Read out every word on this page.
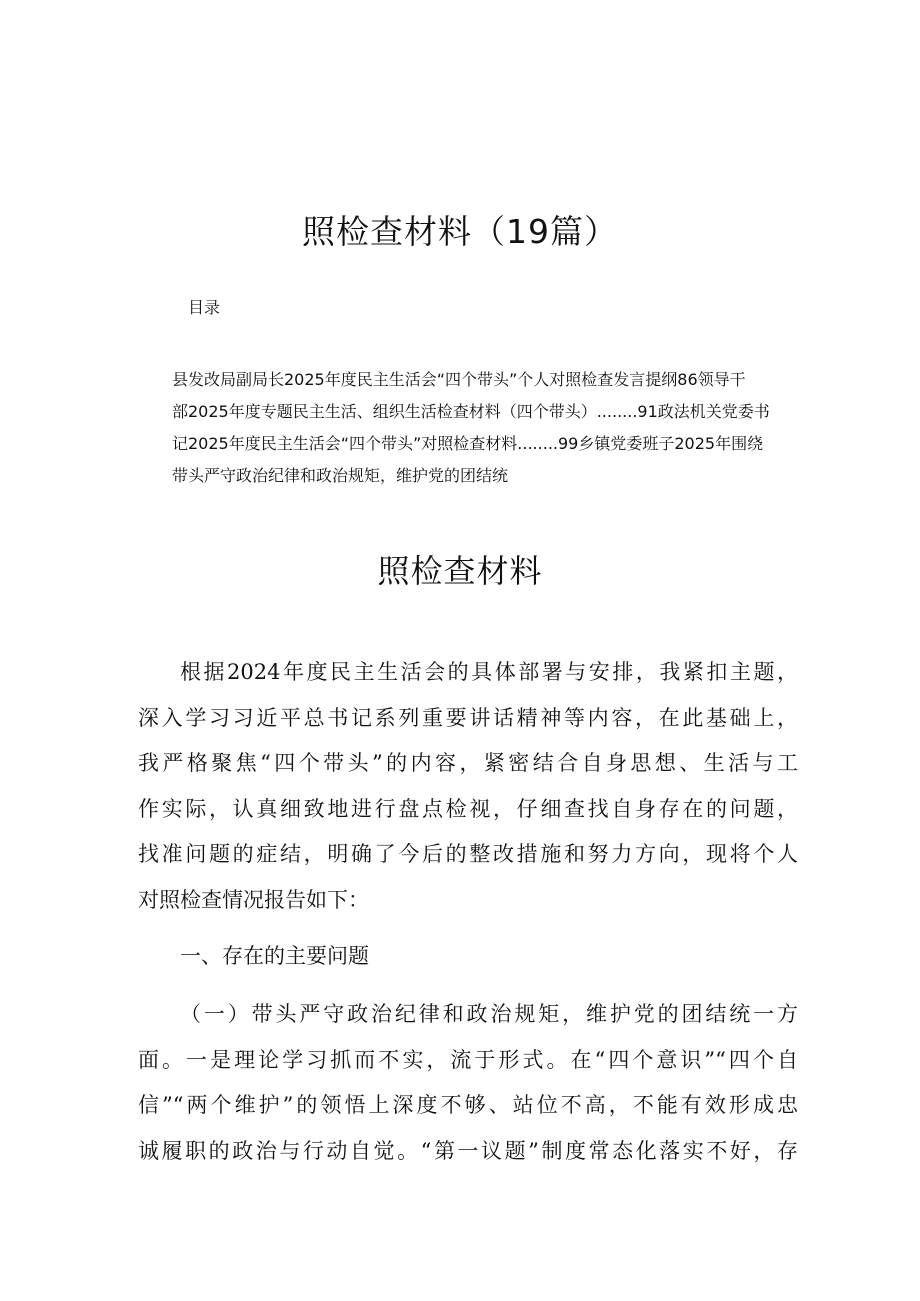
照检查材料（19篇）
目录
县发改局副局长2025年度民主生活会“四个带头”个人对照检查发言提纲86领导干
部2025年度专题民主生活、组织生活检查材料（四个带头）........91政法机关党委书
记2025年度民主生活会“四个带头”对照检查材料........99乡镇党委班子2025年围绕
带头严守政治纪律和政治规矩，维护党的团结统
照检查材料
根据2024年度民主生活会的具体部署与安排，我紧扣主题，
深入学习习近平总书记系列重要讲话精神等内容，在此基础上，
我严格聚焦“四个带头”的内容，紧密结合自身思想、生活与工
作实际，认真细致地进行盘点检视，仔细查找自身存在的问题，
找准问题的症结，明确了今后的整改措施和努力方向，现将个人
对照检查情况报告如下：
一、存在的主要问题
（一）带头严守政治纪律和政治规矩，维护党的团结统一方
面。一是理论学习抓而不实，流于形式。在“四个意识”“四个自
信”“两个维护”的领悟上深度不够、站位不高，不能有效形成忠
诚履职的政治与行动自觉。“第一议题”制度常态化落实不好，存
